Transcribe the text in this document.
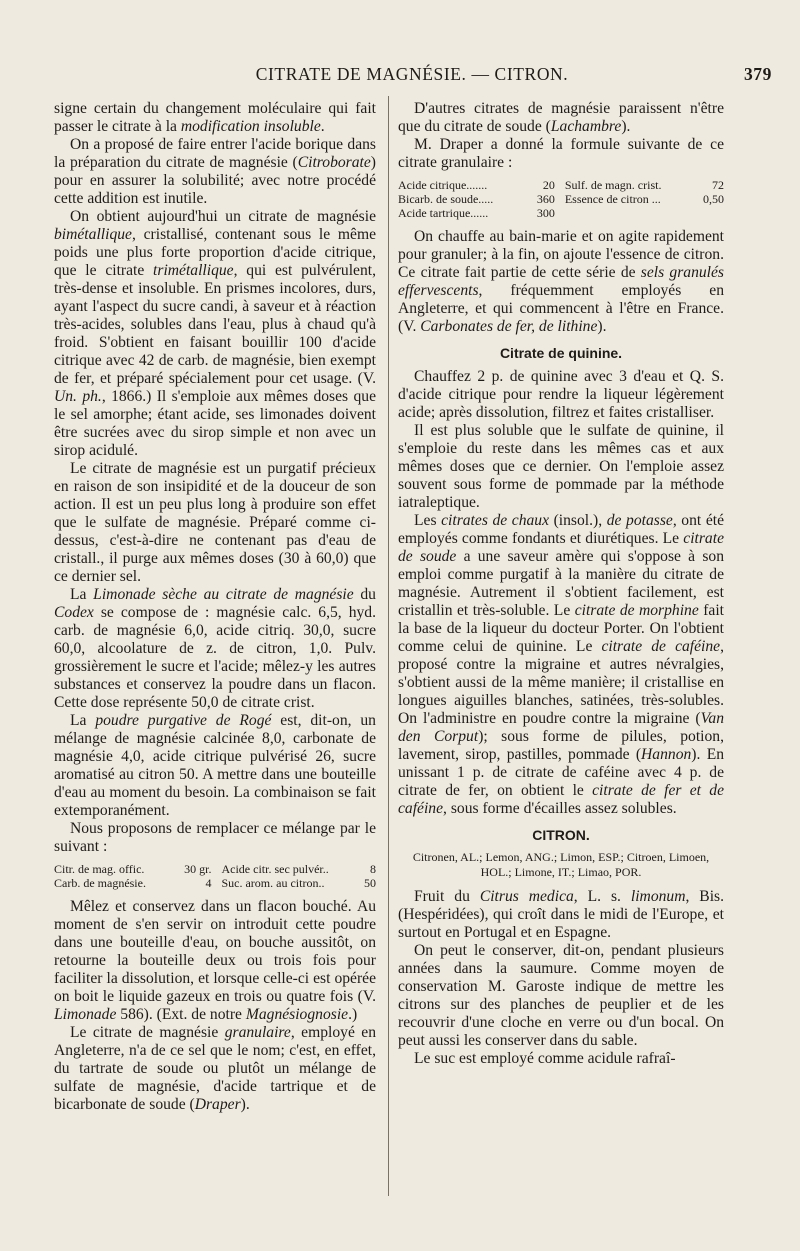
CITRATE DE MAGNÉSIE. — CITRON.	379

signe certain du changement moléculaire qui fait passer le citrate à la modification insoluble.

On a proposé de faire entrer l'acide borique dans la préparation du citrate de magnésie (Citroborate) pour en assurer la solubilité; avec notre procédé cette addition est inutile.

On obtient aujourd'hui un citrate de magnésie bimétallique, cristallisé, contenant sous le même poids une plus forte proportion d'acide citrique, que le citrate trimétallique, qui est pulvérulent, très-dense et insoluble. En prismes incolores, durs, ayant l'aspect du sucre candi, à saveur et à réaction très-acides, solubles dans l'eau, plus à chaud qu'à froid. S'obtient en faisant bouillir 100 d'acide citrique avec 42 de carb. de magnésie, bien exempt de fer, et préparé spécialement pour cet usage. (V. Un. ph., 1866.) Il s'emploie aux mêmes doses que le sel amorphe; étant acide, ses limonades doivent être sucrées avec du sirop simple et non avec un sirop acidulé.

Le citrate de magnésie est un purgatif précieux en raison de son insipidité et de la douceur de son action. Il est un peu plus long à produire son effet que le sulfate de magnésie. Préparé comme ci-dessus, c'est-à-dire ne contenant pas d'eau de cristall., il purge aux mêmes doses (30 à 60,0) que ce dernier sel.

La Limonade sèche au citrate de magnésie du Codex se compose de : magnésie calc. 6,5, hyd. carb. de magnésie 6,0, acide citriq. 30,0, sucre 60,0, alcoolature de z. de citron, 1,0. Pulv. grossièrement le sucre et l'acide; mêlez-y les autres substances et conservez la poudre dans un flacon. Cette dose représente 50,0 de citrate crist.

La poudre purgative de Rogé est, dit-on, un mélange de magnésie calcinée 8,0, carbonate de magnésie 4,0, acide citrique pulvérisé 26, sucre aromatisé au citron 50. A mettre dans une bouteille d'eau au moment du besoin. La combinaison se fait extemporanément.

Nous proposons de remplacer ce mélange par le suivant :

Citr. de mag. offic.	30 gr.	Acide citr. sec pulvér..	8
Carb. de magnésie.	4	Suc. arom. au citron..	50

Mêlez et conservez dans un flacon bouché. Au moment de s'en servir on introduit cette poudre dans une bouteille d'eau, on bouche aussitôt, on retourne la bouteille deux ou trois fois pour faciliter la dissolution, et lorsque celle-ci est opérée on boit le liquide gazeux en trois ou quatre fois (V. Limonade 586). (Ext. de notre Magnésiognosie.)

Le citrate de magnésie granulaire, employé en Angleterre, n'a de ce sel que le nom; c'est, en effet, du tartrate de soude ou plutôt un mélange de sulfate de magnésie, d'acide tartrique et de bicarbonate de soude (Draper).

D'autres citrates de magnésie paraissent n'être que du citrate de soude (Lachambre).

M. Draper a donné la formule suivante de ce citrate granulaire :

Acide citrique.......	20	Sulf. de magn. crist.	72
Bicarb. de soude.....	360	Essence de citron ...	0,50
Acide tartrique......	300		

On chauffe au bain-marie et on agite rapidement pour granuler; à la fin, on ajoute l'essence de citron. Ce citrate fait partie de cette série de sels granulés effervescents, fréquemment employés en Angleterre, et qui commencent à l'être en France. (V. Carbonates de fer, de lithine).

Citrate de quinine.

Chauffez 2 p. de quinine avec 3 d'eau et Q. S. d'acide citrique pour rendre la liqueur légèrement acide; après dissolution, filtrez et faites cristalliser.

Il est plus soluble que le sulfate de quinine, il s'emploie du reste dans les mêmes cas et aux mêmes doses que ce dernier. On l'emploie assez souvent sous forme de pommade par la méthode iatraleptique.

Les citrates de chaux (insol.), de potasse, ont été employés comme fondants et diurétiques. Le citrate de soude a une saveur amère qui s'oppose à son emploi comme purgatif à la manière du citrate de magnésie. Autrement il s'obtient facilement, est cristallin et très-soluble. Le citrate de morphine fait la base de la liqueur du docteur Porter. On l'obtient comme celui de quinine. Le citrate de caféine, proposé contre la migraine et autres névralgies, s'obtient aussi de la même manière; il cristallise en longues aiguilles blanches, satinées, très-solubles. On l'administre en poudre contre la migraine (Van den Corput); sous forme de pilules, potion, lavement, sirop, pastilles, pommade (Hannon). En unissant 1 p. de citrate de caféine avec 4 p. de citrate de fer, on obtient le citrate de fer et de caféine, sous forme d'écailles assez solubles.

CITRON.
Citronen, AL.; Lemon, ANG.; Limon, ESP.; Citroen, Limoen, HOL.; Limone, IT.; Limao, POR.

Fruit du Citrus medica, L. s. limonum, Bis. (Hespéridées), qui croît dans le midi de l'Europe, et surtout en Portugal et en Espagne.

On peut le conserver, dit-on, pendant plusieurs années dans la saumure. Comme moyen de conservation M. Garoste indique de mettre les citrons sur des planches de peuplier et de les recouvrir d'une cloche en verre ou d'un bocal. On peut aussi les conserver dans du sable.

Le suc est employé comme acidule rafraî-
